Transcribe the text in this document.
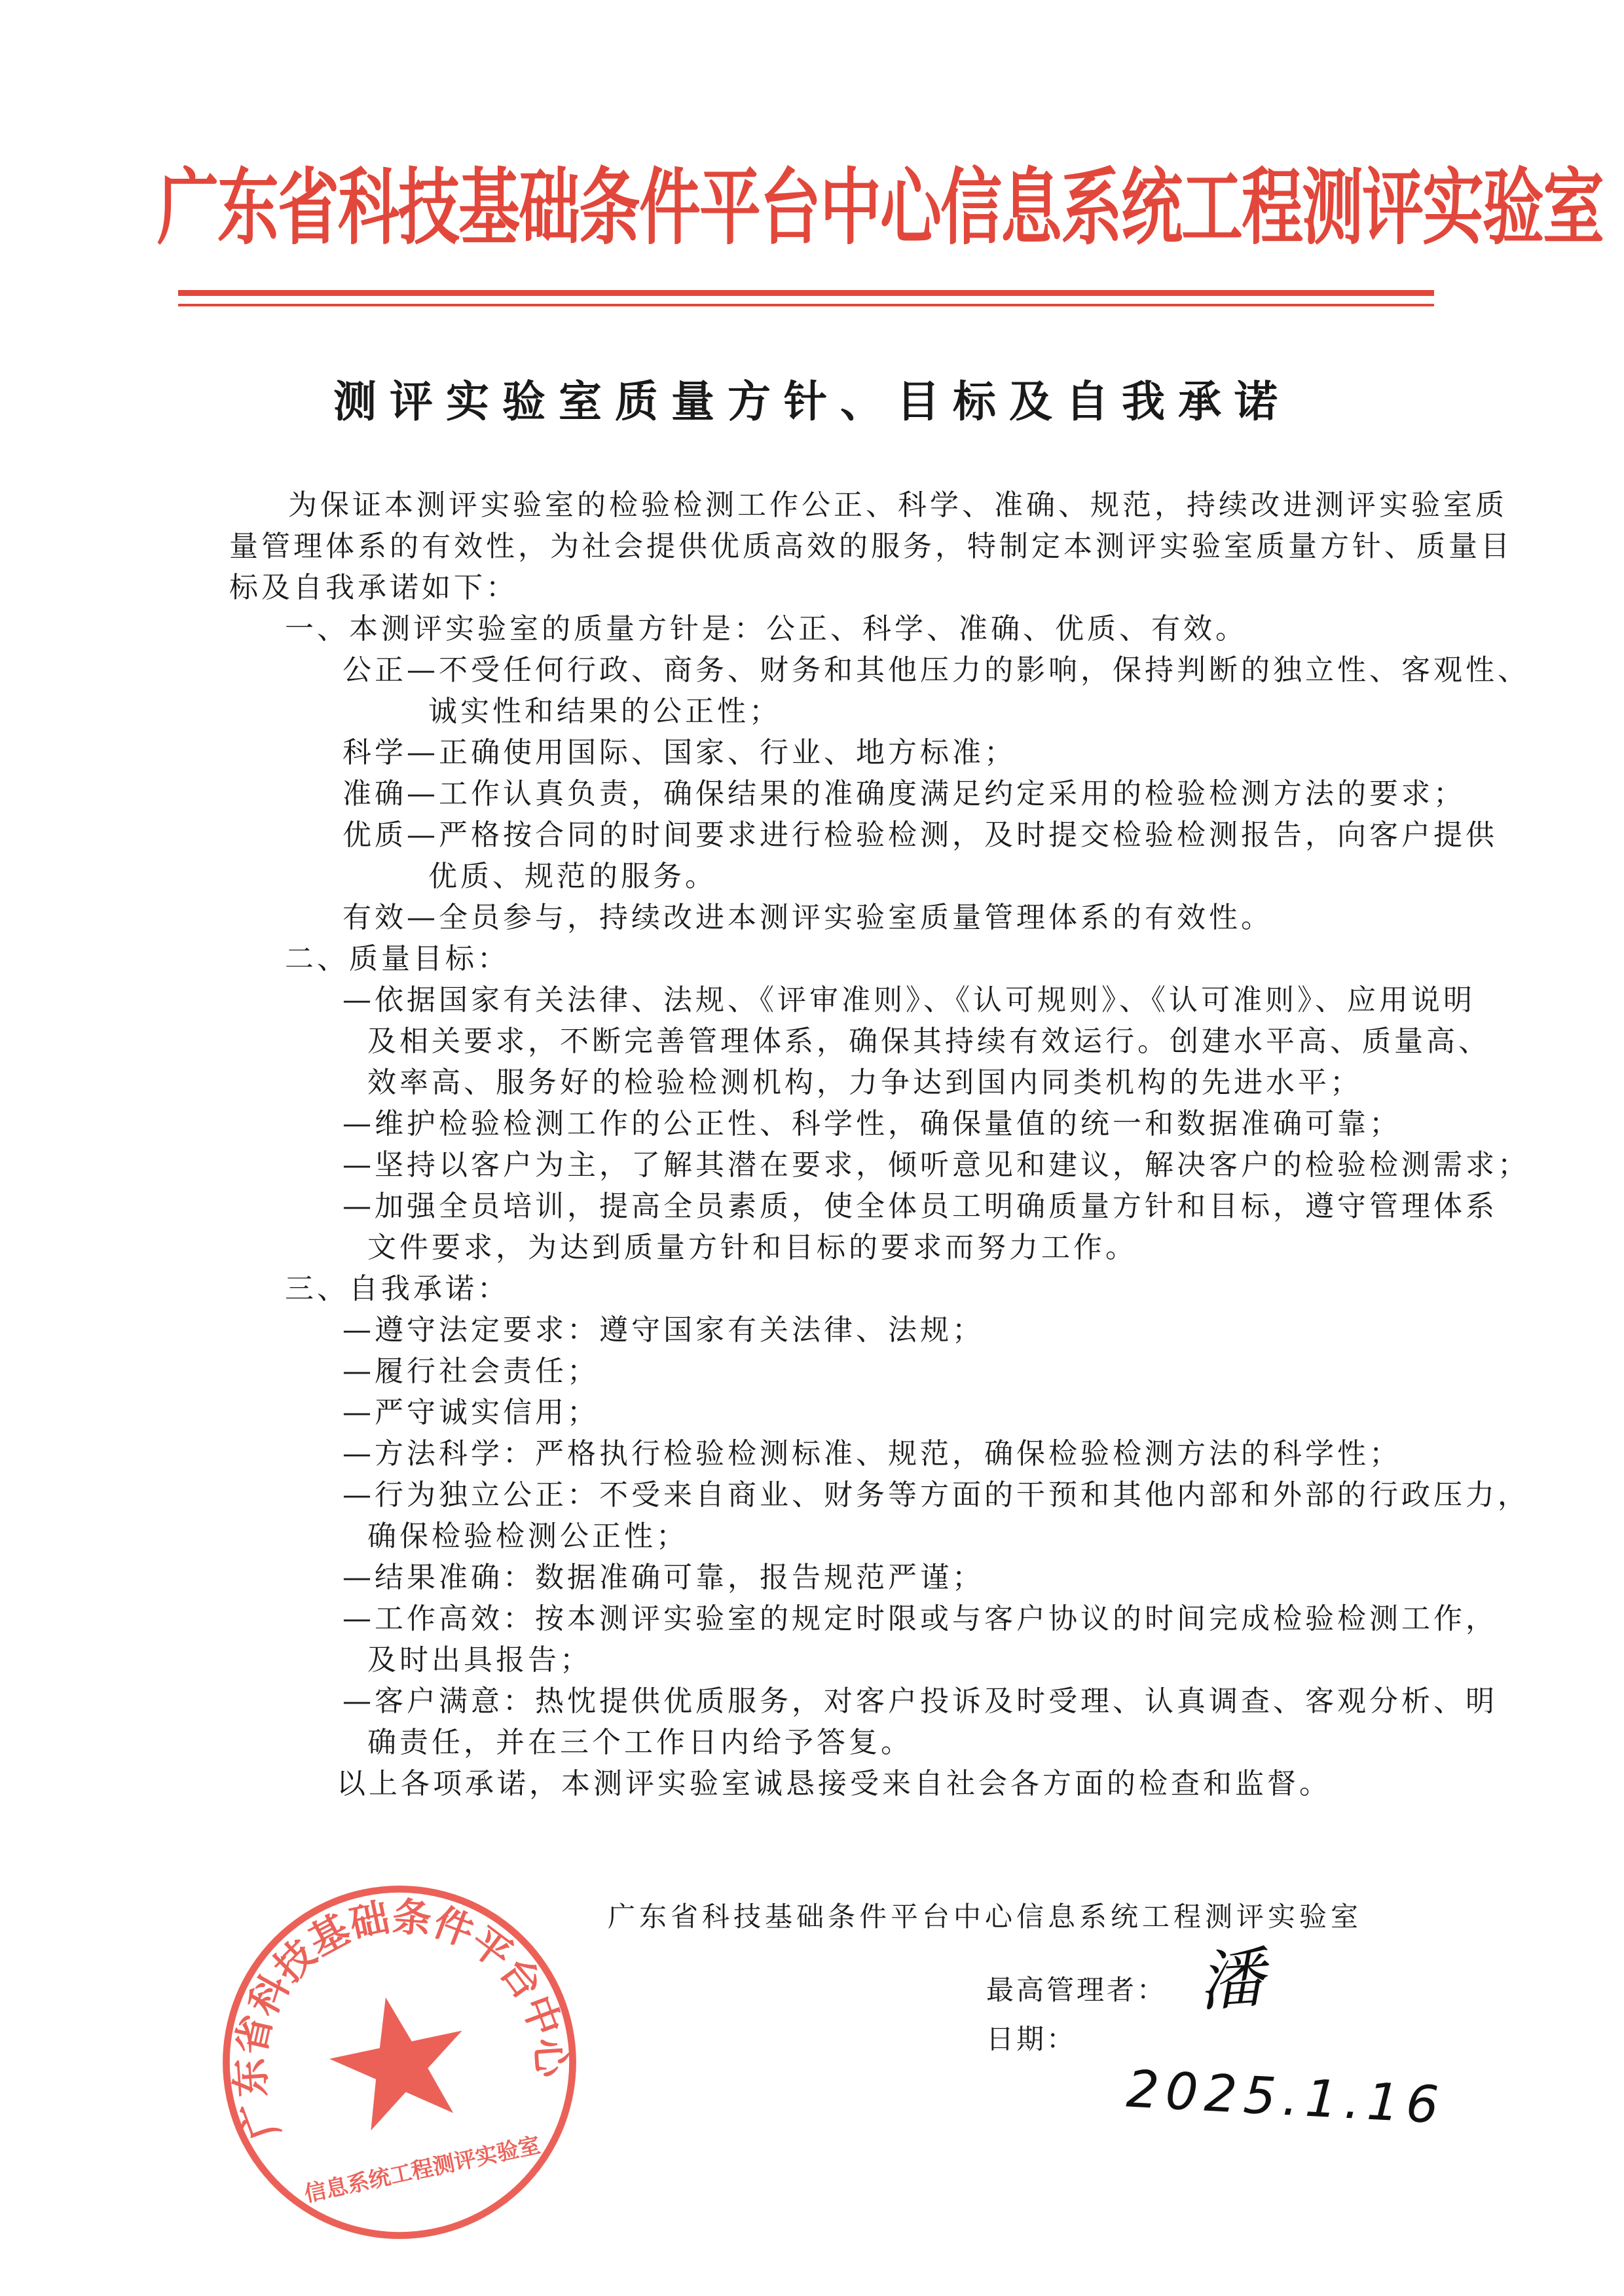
广东省科技基础条件平台中心信息系统工程测评实验室
测评实验室质量方针、目标及自我承诺
为保证本测评实验室的检验检测工作公正、科学、准确、规范，持续改进测评实验室质
量管理体系的有效性，为社会提供优质高效的服务，特制定本测评实验室质量方针、质量目
标及自我承诺如下：
一、本测评实验室的质量方针是：公正、科学、准确、优质、有效。
公正—不受任何行政、商务、财务和其他压力的影响，保持判断的独立性、客观性、
诚实性和结果的公正性；
科学—正确使用国际、国家、行业、地方标准；
准确—工作认真负责，确保结果的准确度满足约定采用的检验检测方法的要求；
优质—严格按合同的时间要求进行检验检测，及时提交检验检测报告，向客户提供
优质、规范的服务。
有效—全员参与，持续改进本测评实验室质量管理体系的有效性。
二、质量目标：
—依据国家有关法律、法规、《评审准则》、《认可规则》、《认可准则》、应用说明
及相关要求，不断完善管理体系，确保其持续有效运行。创建水平高、质量高、
效率高、服务好的检验检测机构，力争达到国内同类机构的先进水平；
—维护检验检测工作的公正性、科学性，确保量值的统一和数据准确可靠；
—坚持以客户为主，了解其潜在要求，倾听意见和建议，解决客户的检验检测需求；
—加强全员培训，提高全员素质，使全体员工明确质量方针和目标，遵守管理体系
文件要求，为达到质量方针和目标的要求而努力工作。
三、自我承诺：
—遵守法定要求：遵守国家有关法律、法规；
—履行社会责任；
—严守诚实信用；
—方法科学：严格执行检验检测标准、规范，确保检验检测方法的科学性；
—行为独立公正：不受来自商业、财务等方面的干预和其他内部和外部的行政压力，
确保检验检测公正性；
—结果准确：数据准确可靠，报告规范严谨；
—工作高效：按本测评实验室的规定时限或与客户协议的时间完成检验检测工作，
及时出具报告；
—客户满意：热忱提供优质服务，对客户投诉及时受理、认真调查、客观分析、明
确责任，并在三个工作日内给予答复。
以上各项承诺，本测评实验室诚恳接受来自社会各方面的检查和监督。
广东省科技基础条件平台中心信息系统工程测评实验室
广东省科技基础条件平台中心
信息系统工程测评实验室
最高管理者：
日期：
潘
2025.1.16
